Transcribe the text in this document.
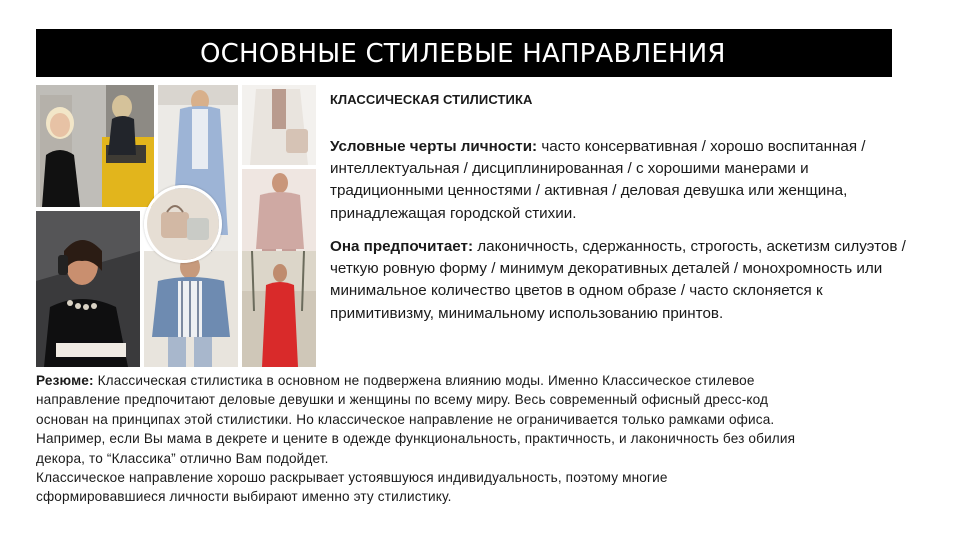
ОСНОВНЫЕ СТИЛЕВЫЕ НАПРАВЛЕНИЯ

КЛАССИЧЕСКАЯ СТИЛИСТИКА

Условные черты личности: часто консервативная / хорошо воспитанная / интеллектуальная / дисциплинированная / с хорошими манерами и традиционными ценностями / активная / деловая девушка или женщина, принадлежащая городской стихии.

Она предпочитает: лаконичность, сдержанность, строгость, аскетизм силуэтов / четкую ровную форму / минимум декоративных деталей / монохромность или минимальное количество цветов в одном образе / часто склоняется к примитивизму, минимальному использованию принтов.

Резюме: Классическая стилистика в основном не подвержена влиянию моды. Именно Классическое стилевое
направление предпочитают деловые девушки и женщины по всему миру. Весь современный офисный дресс-код
основан на принципах этой стилистики. Но классическое направление не ограничивается только рамками офиса.
Например, если Вы мама в декрете и цените в одежде функциональность, практичность, и лаконичность без обилия
декора, то “Классика” отлично Вам подойдет.
Классическое направление хорошо раскрывает устоявшуюся индивидуальность, поэтому многие
сформировавшиеся личности выбирают именно эту стилистику.
